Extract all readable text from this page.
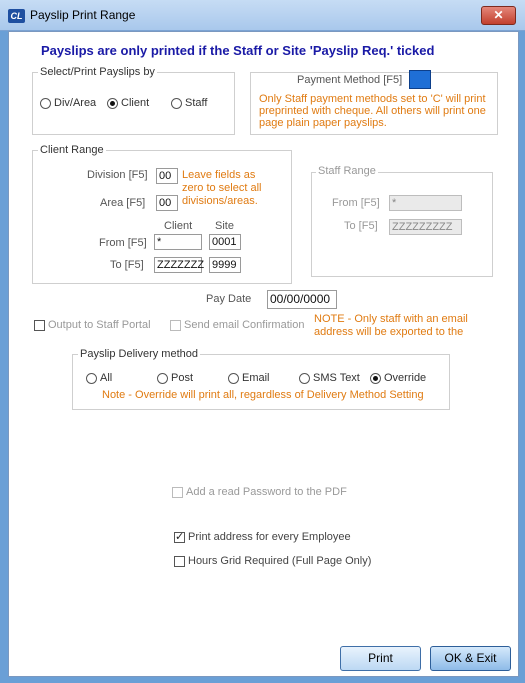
CL Payslip Print Range	✕
Payslips are only printed if the Staff or Site 'Payslip Req.' ticked
Select/Print Payslips by
Div/Area Client	Staff
Payment Method [F5]
Only Staff payment methods set to 'C' will print preprinted with cheque. All others will print one page plain paper payslips.
Client Range
Division [F5] 00
Area [F5] 00
Leave fields as zero to select all divisions/areas.
Client Site
From [F5] *	0001
To [F5] ZZZZZZZ 9999
Staff Range
From [F5] *
To [F5] ZZZZZZZZZ
Pay Date 00/00/0000
Output to Staff Portal	Send email Confirmation NOTE - Only staff with an email address will be exported to the
Payslip Delivery method
All	Post	Email	SMS Text Override
Note - Override will print all, regardless of Delivery Method Setting
Add a read Password to the PDF
✓
Print address for every Employee
Hours Grid Required (Full Page Only)
Print	OK & Exit
